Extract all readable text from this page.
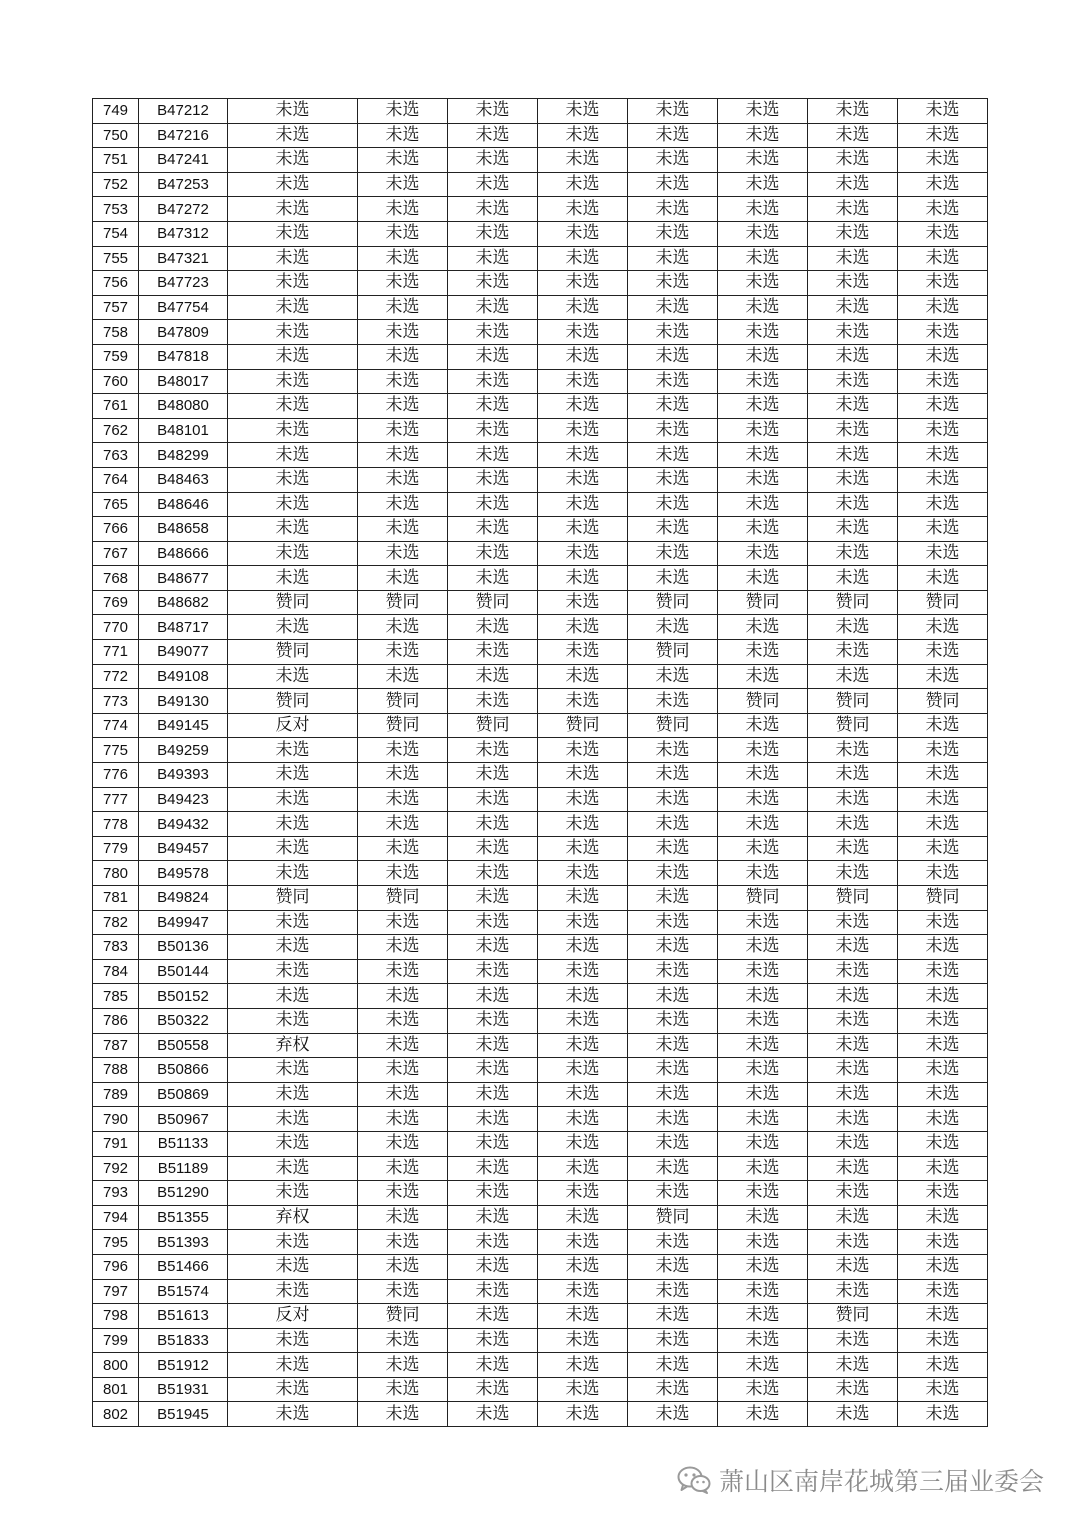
749	B47212	未选	未选	未选	未选	未选	未选	未选	未选
750	B47216	未选	未选	未选	未选	未选	未选	未选	未选
751	B47241	未选	未选	未选	未选	未选	未选	未选	未选
752	B47253	未选	未选	未选	未选	未选	未选	未选	未选
753	B47272	未选	未选	未选	未选	未选	未选	未选	未选
754	B47312	未选	未选	未选	未选	未选	未选	未选	未选
755	B47321	未选	未选	未选	未选	未选	未选	未选	未选
756	B47723	未选	未选	未选	未选	未选	未选	未选	未选
757	B47754	未选	未选	未选	未选	未选	未选	未选	未选
758	B47809	未选	未选	未选	未选	未选	未选	未选	未选
759	B47818	未选	未选	未选	未选	未选	未选	未选	未选
760	B48017	未选	未选	未选	未选	未选	未选	未选	未选
761	B48080	未选	未选	未选	未选	未选	未选	未选	未选
762	B48101	未选	未选	未选	未选	未选	未选	未选	未选
763	B48299	未选	未选	未选	未选	未选	未选	未选	未选
764	B48463	未选	未选	未选	未选	未选	未选	未选	未选
765	B48646	未选	未选	未选	未选	未选	未选	未选	未选
766	B48658	未选	未选	未选	未选	未选	未选	未选	未选
767	B48666	未选	未选	未选	未选	未选	未选	未选	未选
768	B48677	未选	未选	未选	未选	未选	未选	未选	未选
769	B48682	赞同	赞同	赞同	未选	赞同	赞同	赞同	赞同
770	B48717	未选	未选	未选	未选	未选	未选	未选	未选
771	B49077	赞同	未选	未选	未选	赞同	未选	未选	未选
772	B49108	未选	未选	未选	未选	未选	未选	未选	未选
773	B49130	赞同	赞同	未选	未选	未选	赞同	赞同	赞同
774	B49145	反对	赞同	赞同	赞同	赞同	未选	赞同	未选
775	B49259	未选	未选	未选	未选	未选	未选	未选	未选
776	B49393	未选	未选	未选	未选	未选	未选	未选	未选
777	B49423	未选	未选	未选	未选	未选	未选	未选	未选
778	B49432	未选	未选	未选	未选	未选	未选	未选	未选
779	B49457	未选	未选	未选	未选	未选	未选	未选	未选
780	B49578	未选	未选	未选	未选	未选	未选	未选	未选
781	B49824	赞同	赞同	未选	未选	未选	赞同	赞同	赞同
782	B49947	未选	未选	未选	未选	未选	未选	未选	未选
783	B50136	未选	未选	未选	未选	未选	未选	未选	未选
784	B50144	未选	未选	未选	未选	未选	未选	未选	未选
785	B50152	未选	未选	未选	未选	未选	未选	未选	未选
786	B50322	未选	未选	未选	未选	未选	未选	未选	未选
787	B50558	弃权	未选	未选	未选	未选	未选	未选	未选
788	B50866	未选	未选	未选	未选	未选	未选	未选	未选
789	B50869	未选	未选	未选	未选	未选	未选	未选	未选
790	B50967	未选	未选	未选	未选	未选	未选	未选	未选
791	B51133	未选	未选	未选	未选	未选	未选	未选	未选
792	B51189	未选	未选	未选	未选	未选	未选	未选	未选
793	B51290	未选	未选	未选	未选	未选	未选	未选	未选
794	B51355	弃权	未选	未选	未选	赞同	未选	未选	未选
795	B51393	未选	未选	未选	未选	未选	未选	未选	未选
796	B51466	未选	未选	未选	未选	未选	未选	未选	未选
797	B51574	未选	未选	未选	未选	未选	未选	未选	未选
798	B51613	反对	赞同	未选	未选	未选	未选	赞同	未选
799	B51833	未选	未选	未选	未选	未选	未选	未选	未选
800	B51912	未选	未选	未选	未选	未选	未选	未选	未选
801	B51931	未选	未选	未选	未选	未选	未选	未选	未选
802	B51945	未选	未选	未选	未选	未选	未选	未选	未选
萧山区南岸花城第三届业委会
